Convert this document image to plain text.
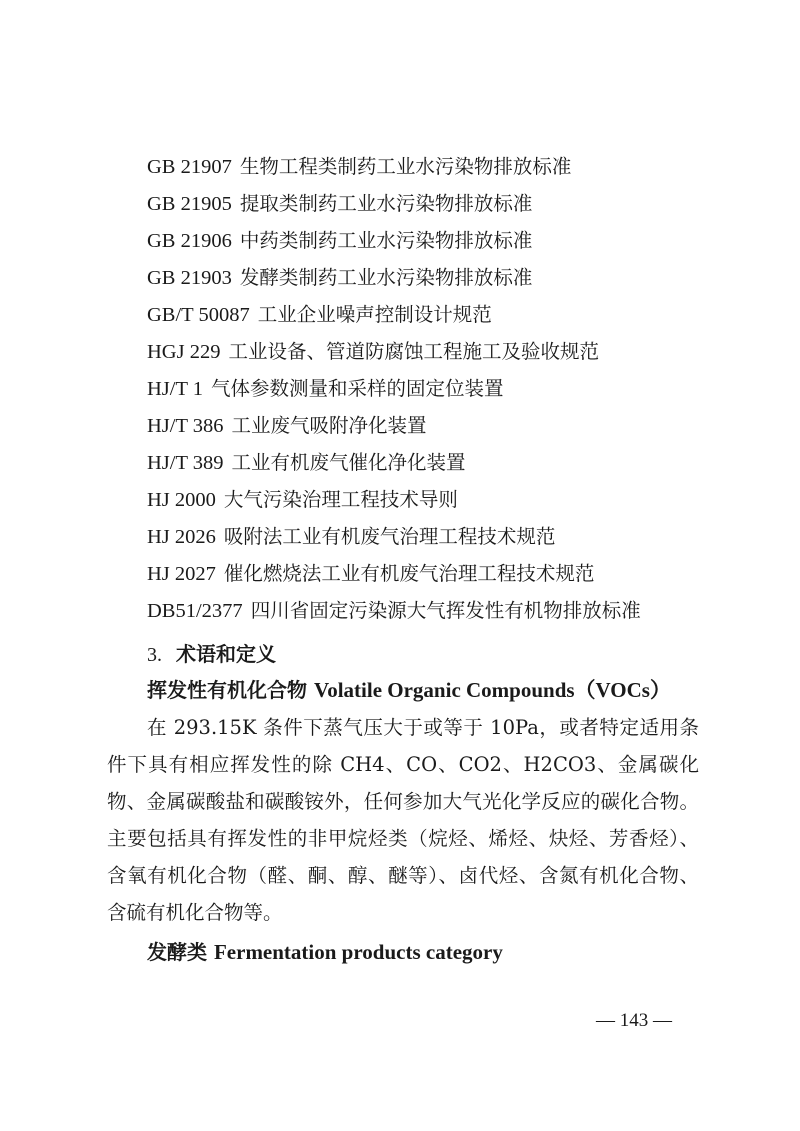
GB 21907 生物工程类制药工业水污染物排放标准
GB 21905 提取类制药工业水污染物排放标准
GB 21906 中药类制药工业水污染物排放标准
GB 21903 发酵类制药工业水污染物排放标准
GB/T 50087 工业企业噪声控制设计规范
HGJ 229 工业设备、管道防腐蚀工程施工及验收规范
HJ/T 1 气体参数测量和采样的固定位装置
HJ/T 386 工业废气吸附净化装置
HJ/T 389 工业有机废气催化净化装置
HJ 2000 大气污染治理工程技术导则
HJ 2026 吸附法工业有机废气治理工程技术规范
HJ 2027 催化燃烧法工业有机废气治理工程技术规范
DB51/2377 四川省固定污染源大气挥发性有机物排放标准
3. 术语和定义
挥发性有机化合物 Volatile Organic Compounds（VOCs）

在 293.15K 条件下蒸气压大于或等于 10Pa，或者特定适用条件下具有相应挥发性的除 CH4、CO、CO2、H2CO3、金属碳化物、金属碳酸盐和碳酸铵外，任何参加大气光化学反应的碳化合物。主要包括具有挥发性的非甲烷烃类（烷烃、烯烃、炔烃、芳香烃）、含氧有机化合物（醛、酮、醇、醚等）、卤代烃、含氮有机化合物、含硫有机化合物等。

发酵类 Fermentation products category
— 143 —
